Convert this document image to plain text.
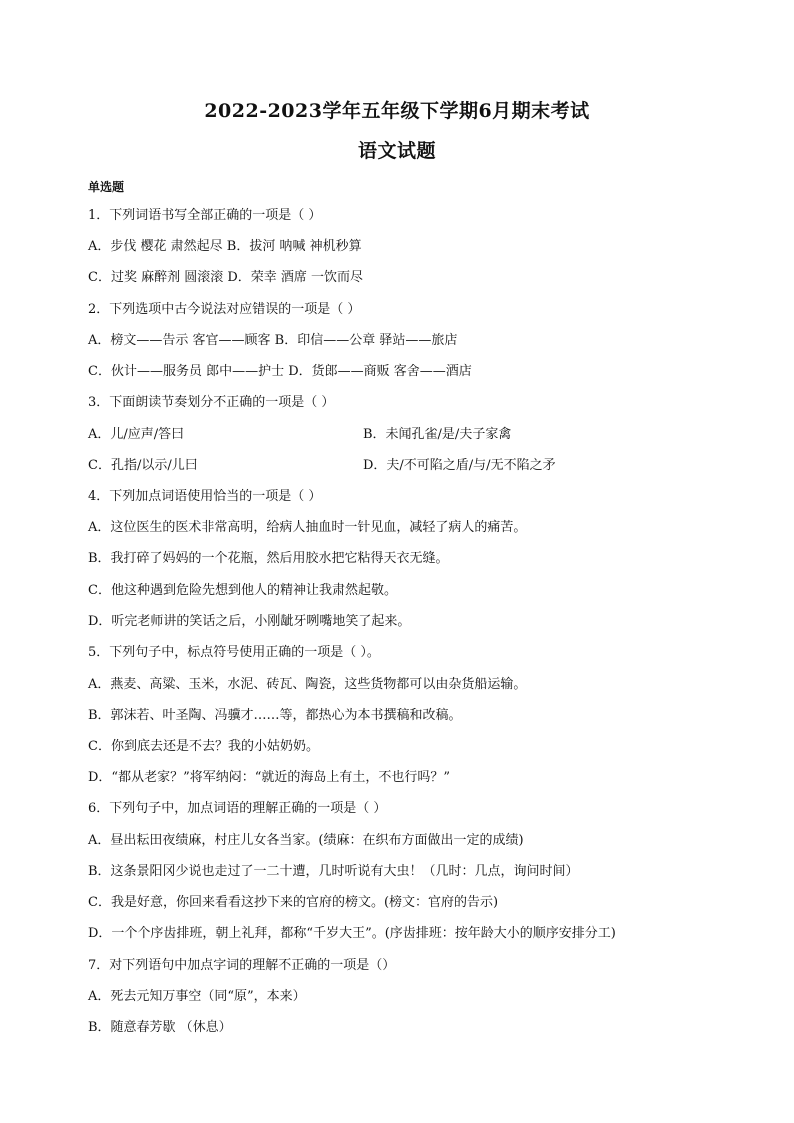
2022-2023学年五年级下学期6月期末考试
语文试题
单选题
1．下列词语书写全部正确的一项是（ ）
A．步伐 樱花 肃然起尽 B．拔河 呐喊 神机秒算
C．过奖 麻醉剂 圆滚滚 D．荣幸 酒席 一饮而尽
2．下列选项中古今说法对应错误的一项是（ ）
A．榜文——告示 客官——顾客 B．印信——公章 驿站——旅店
C．伙计——服务员 郎中——护士 D．货郎——商贩 客舍——酒店
3．下面朗读节奏划分不正确的一项是（ ）
A．儿/应声/答曰	B．未闻孔雀/是/夫子家禽
C．孔指/以示/儿曰	D．夫/不可陷之盾/与/无不陷之矛
4．下列加点词语使用恰当的一项是（ ）
A．这位医生的医术非常高明，给病人抽血时一针见血，减轻了病人的痛苦。
B．我打碎了妈妈的一个花瓶，然后用胶水把它粘得天衣无缝。
C．他这种遇到危险先想到他人的精神让我肃然起敬。
D．听完老师讲的笑话之后，小刚龇牙咧嘴地笑了起来。
5．下列句子中，标点符号使用正确的一项是（ ）。
A．燕麦、高粱、玉米，水泥、砖瓦、陶瓷，这些货物都可以由杂货船运输。
B．郭沫若、叶圣陶、冯骥才……等，都热心为本书撰稿和改稿。
C．你到底去还是不去？我的小姑奶奶。
D．“都从老家？”将军纳闷：“就近的海岛上有土，不也行吗？”
6．下列句子中，加点词语的理解正确的一项是（ ）
A．昼出耘田夜绩麻，村庄儿女各当家。(绩麻：在织布方面做出一定的成绩)
B．这条景阳冈少说也走过了一二十遭，几时听说有大虫！（几时：几点，询问时间）
C．我是好意，你回来看看这抄下来的官府的榜文。(榜文：官府的告示)
D．一个个序齿排班，朝上礼拜，都称“千岁大王”。(序齿排班：按年龄大小的顺序安排分工)
7．对下列语句中加点字词的理解不正确的一项是（）
A．死去元知万事空（同“原”，本来）
B．随意春芳歇 （休息）
